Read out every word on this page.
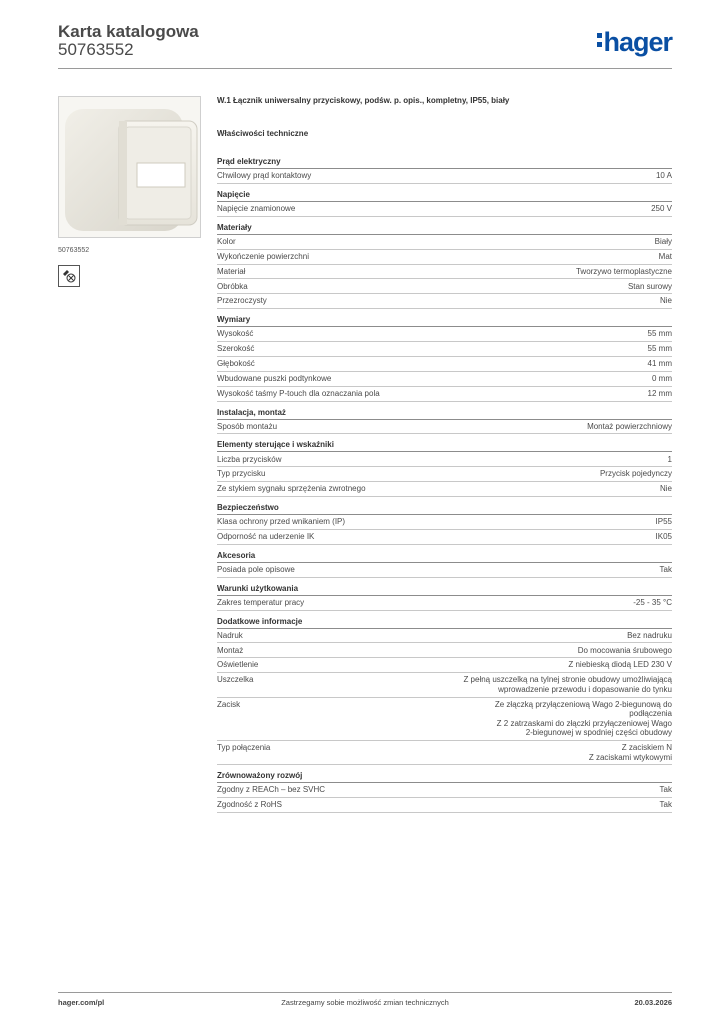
Karta katalogowa
50763552	hager
50763552
W.1 Łącznik uniwersalny przyciskowy, podśw. p. opis., kompletny, IP55, biały
Właściwości techniczne
Prąd elektryczny
Chwilowy prąd kontaktowy	10 A
Napięcie
Napięcie znamionowe	250 V
Materiały
Kolor	Biały
Wykończenie powierzchni	Mat
Materiał	Tworzywo termoplastyczne
Obróbka	Stan surowy
Przezroczysty	Nie
Wymiary
Wysokość	55 mm
Szerokość	55 mm
Głębokość	41 mm
Wbudowane puszki podtynkowe	0 mm
Wysokość taśmy P-touch dla oznaczania pola	12 mm
Instalacja, montaż
Sposób montażu	Montaż powierzchniowy
Elementy sterujące i wskaźniki
Liczba przycisków	1
Typ przycisku	Przycisk pojedynczy
Ze stykiem sygnału sprzężenia zwrotnego	Nie
Bezpieczeństwo
Klasa ochrony przed wnikaniem (IP)	IP55
Odporność na uderzenie IK	IK05
Akcesoria
Posiada pole opisowe	Tak
Warunki użytkowania
Zakres temperatur pracy	-25 - 35 °C
Dodatkowe informacje
Nadruk	Bez nadruku
Montaż	Do mocowania śrubowego
Oświetlenie	Z niebieską diodą LED 230 V
Uszczelka	Z pełną uszczelką na tylnej stronie obudowy umożliwiającą
wprowadzenie przewodu i dopasowanie do tynku
Zacisk	Ze złączką przyłączeniową Wago 2-biegunową do
podłączenia
Z 2 zatrzaskami do złączki przyłączeniowej Wago
2-biegunowej w spodniej części obudowy
Typ połączenia	Z zaciskiem N
Z zaciskami wtykowymi
Zrównoważony rozwój
Zgodny z REACh – bez SVHC	Tak
Zgodność z RoHS	Tak
hager.com/pl	Zastrzegamy sobie możliwość zmian technicznych	20.03.2026
